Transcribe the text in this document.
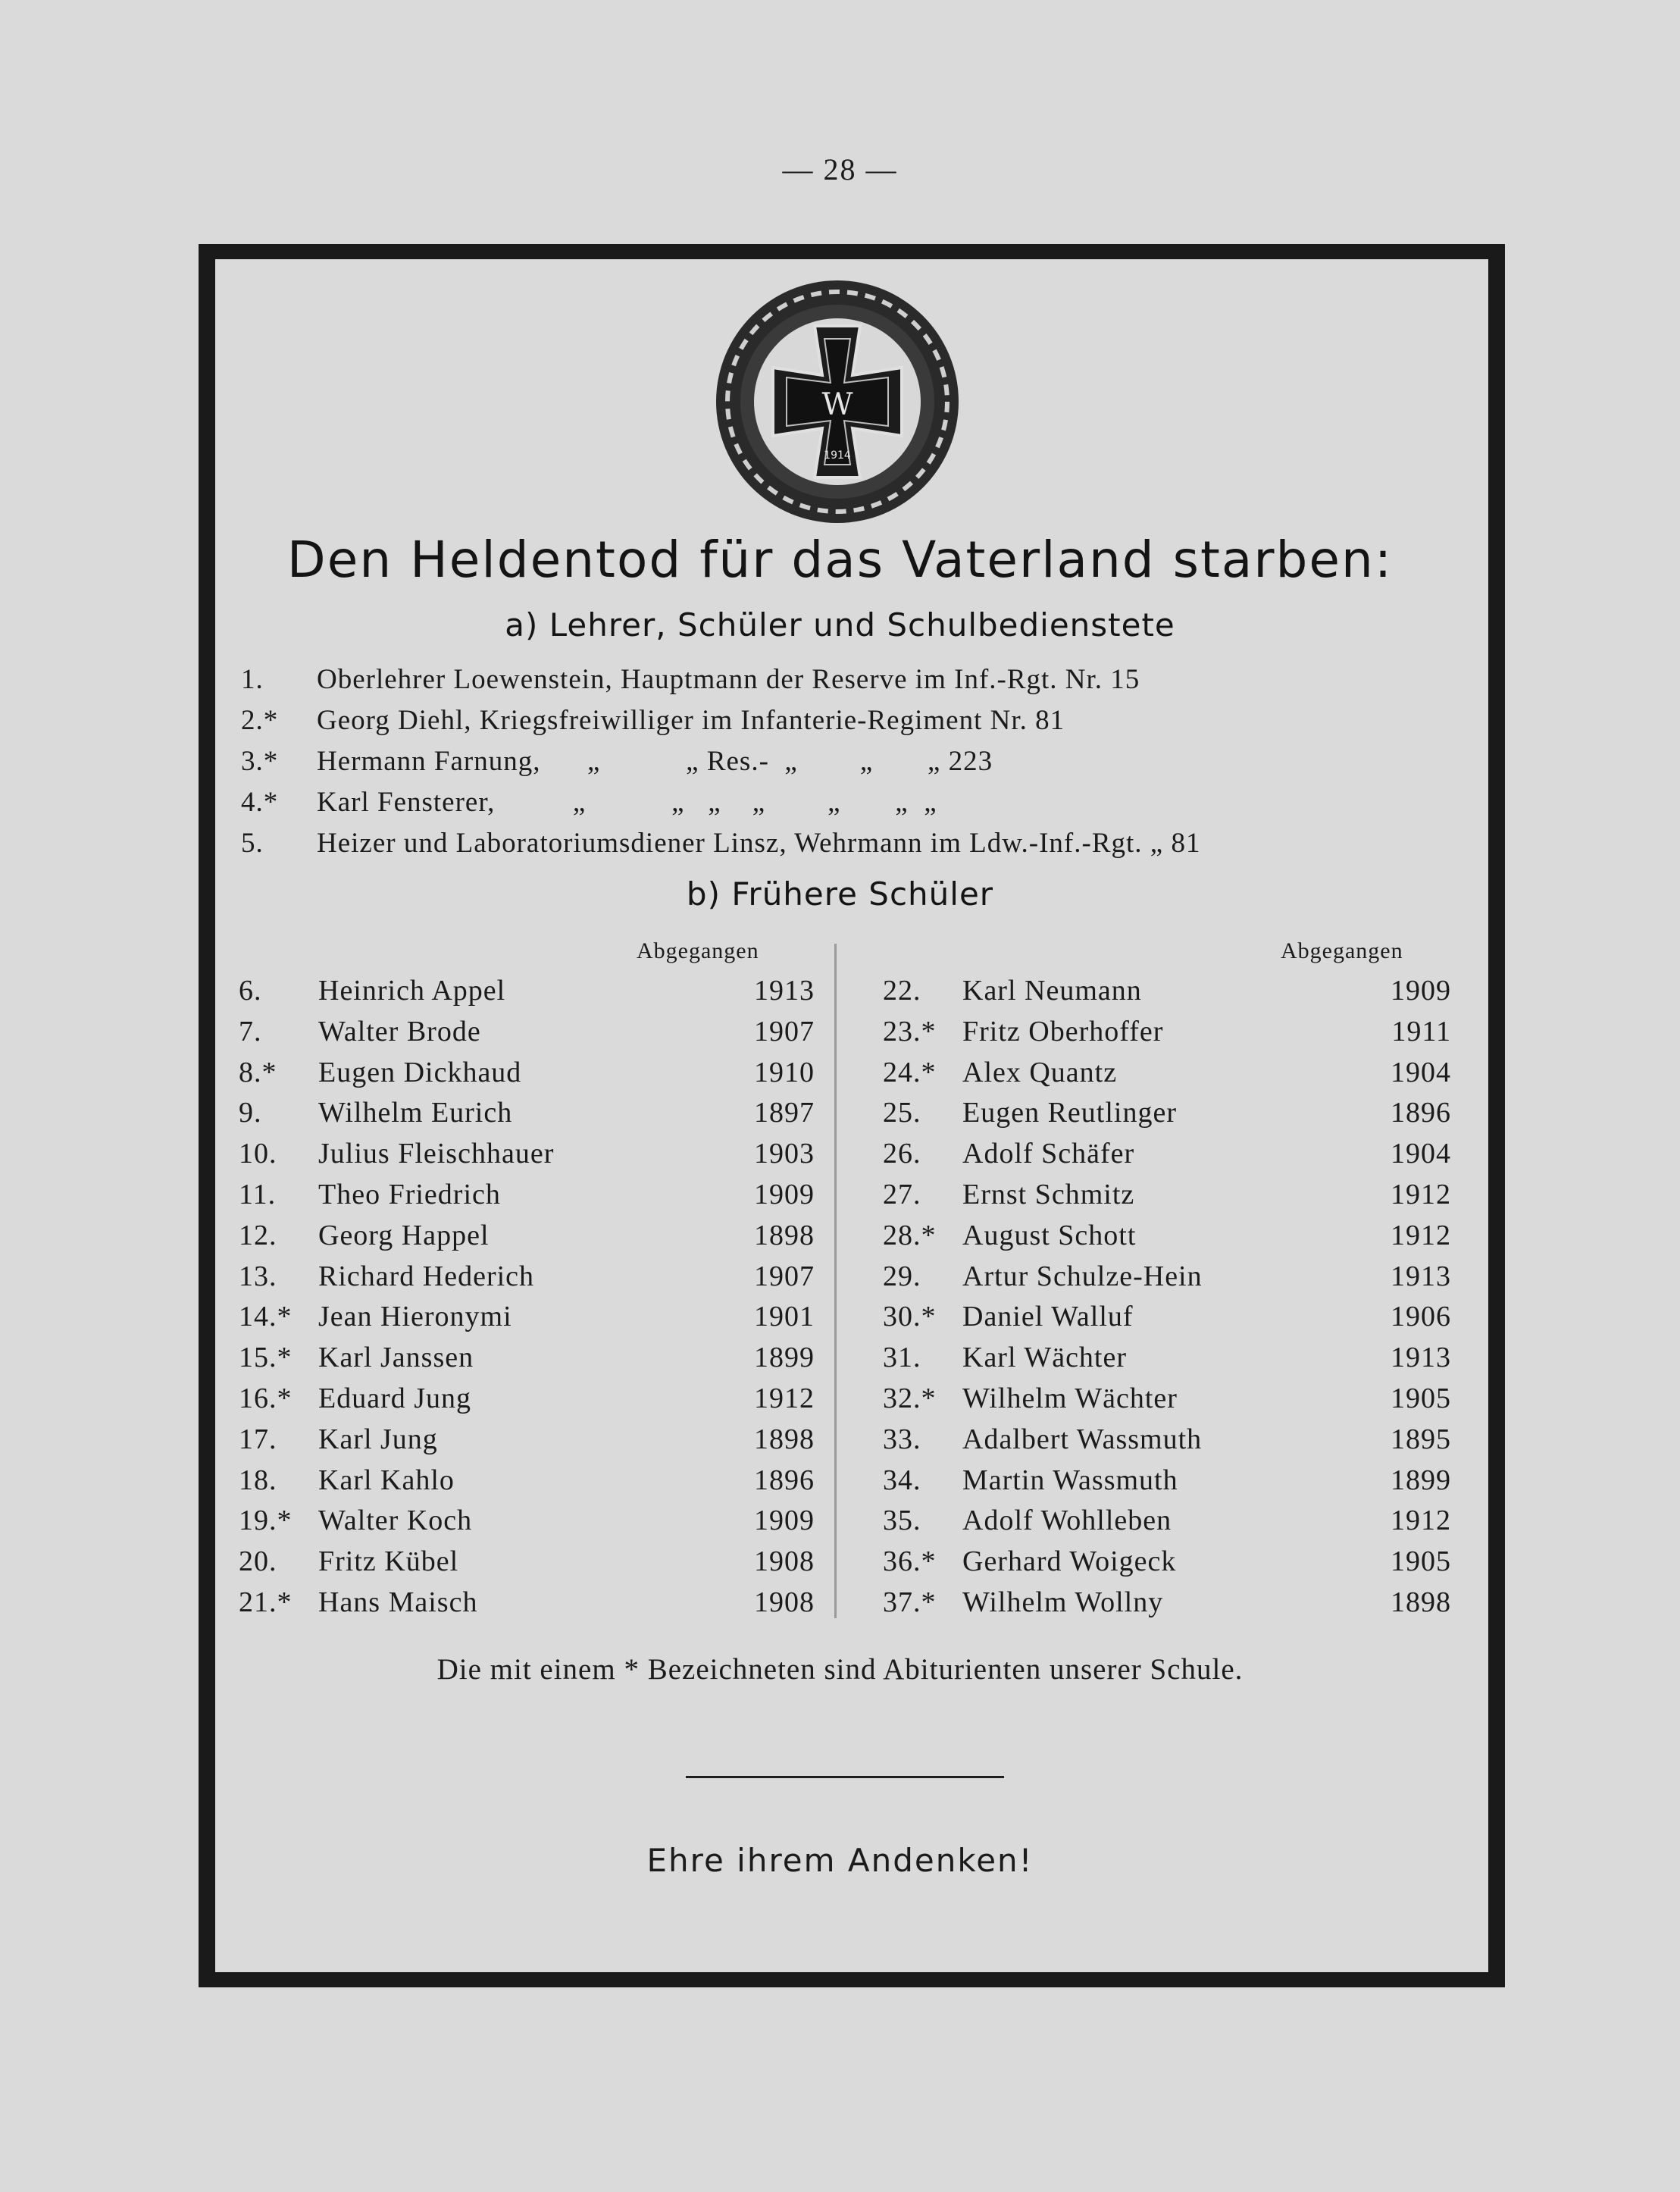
— 28 —
W
1914
Den Heldentod für das Vaterland starben:
a) Lehrer, Schüler und Schulbedienstete
1.	Oberlehrer Loewenstein, Hauptmann der Reserve im Inf.-Rgt. Nr. 15
2.*	Georg Diehl, Kriegsfreiwilliger im Infanterie-Regiment Nr. 81
3.*	Hermann Farnung,      „           „ Res.-  „        „       „ 223
4.*	Karl Fensterer,          „           „   „    „        „       „  „
5.	Heizer und Laboratoriumsdiener Linsz, Wehrmann im Ldw.-Inf.-Rgt. „ 81
b) Frühere Schüler
Abgegangen	Abgegangen
6. Heinrich Appel	1913
7. Walter Brode	1907
8.* Eugen Dickhaud	1910
9. Wilhelm Eurich	1897
10. Julius Fleischhauer	1903
11. Theo Friedrich	1909
12. Georg Happel	1898
13. Richard Hederich	1907
14.* Jean Hieronymi	1901
15.* Karl Janssen	1899
16.* Eduard Jung	1912
17. Karl Jung	1898
18. Karl Kahlo	1896
19.* Walter Koch	1909
20. Fritz Kübel	1908
21.* Hans Maisch	1908
22. Karl Neumann	1909
23.* Fritz Oberhoffer	1911
24.* Alex Quantz	1904
25. Eugen Reutlinger	1896
26. Adolf Schäfer	1904
27. Ernst Schmitz	1912
28.* August Schott	1912
29. Artur Schulze-Hein	1913
30.* Daniel Walluf	1906
31. Karl Wächter	1913
32.* Wilhelm Wächter	1905
33. Adalbert Wassmuth	1895
34. Martin Wassmuth	1899
35. Adolf Wohlleben	1912
36.* Gerhard Woigeck	1905
37.* Wilhelm Wollny	1898
Die mit einem * Bezeichneten sind Abiturienten unserer Schule.
Ehre ihrem Andenken!
